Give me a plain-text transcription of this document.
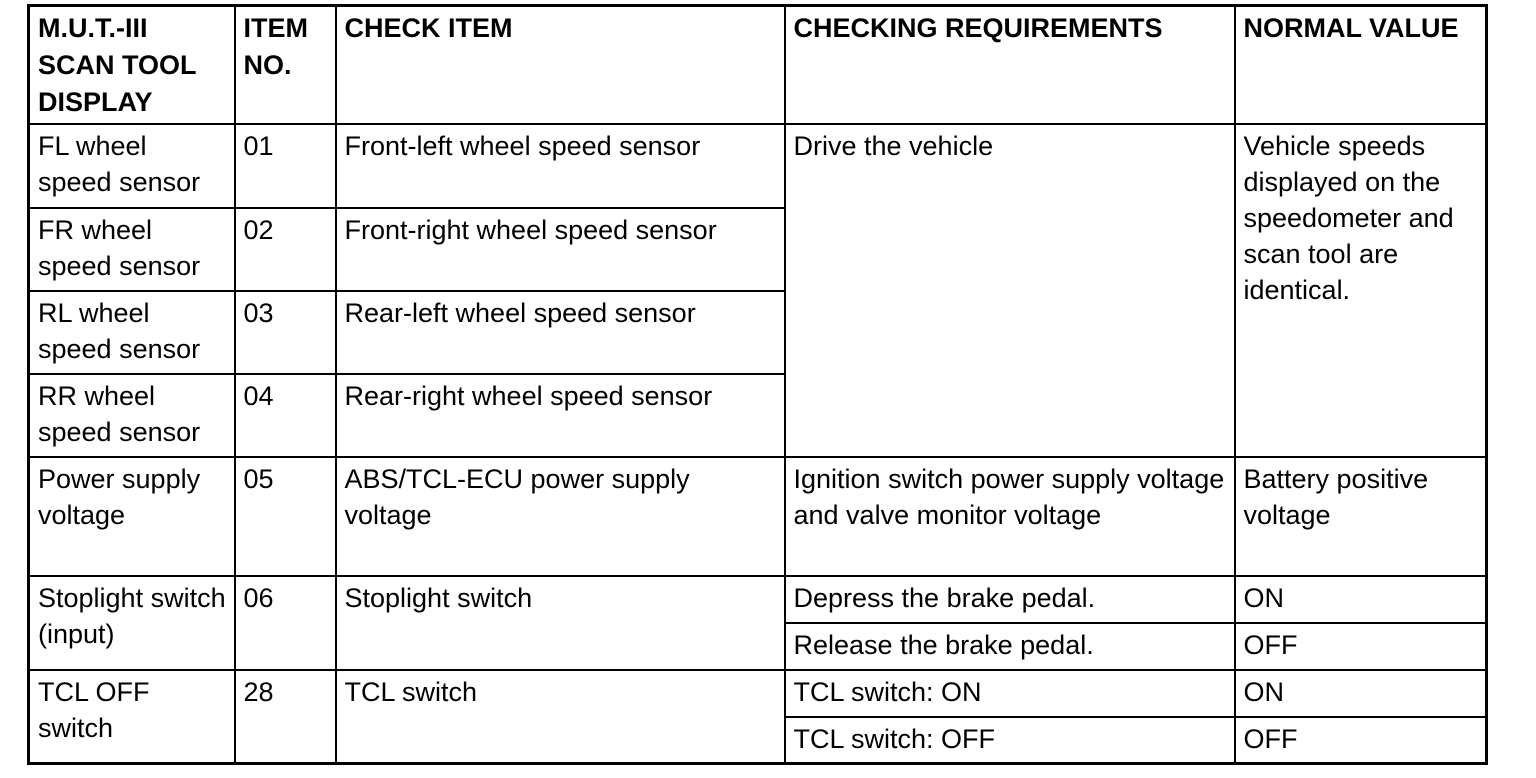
M.U.T.-III SCAN TOOL DISPLAY	ITEM NO.	CHECK ITEM	CHECKING REQUIREMENTS	NORMAL VALUE
FL wheel speed sensor	01	Front-left wheel speed sensor	Drive the vehicle	Vehicle speeds displayed on the speedometer and scan tool are identical.
FR wheel speed sensor	02	Front-right wheel speed sensor		
RL wheel speed sensor	03	Rear-left wheel speed sensor		
RR wheel speed sensor	04	Rear-right wheel speed sensor		
Power supply voltage	05	ABS/TCL-ECU power supply voltage	Ignition switch power supply voltage and valve monitor voltage	Battery positive voltage
Stoplight switch (input)	06	Stoplight switch	Depress the brake pedal.	ON
			Release the brake pedal.	OFF
TCL OFF switch	28	TCL switch	TCL switch: ON	ON
			TCL switch: OFF	OFF
